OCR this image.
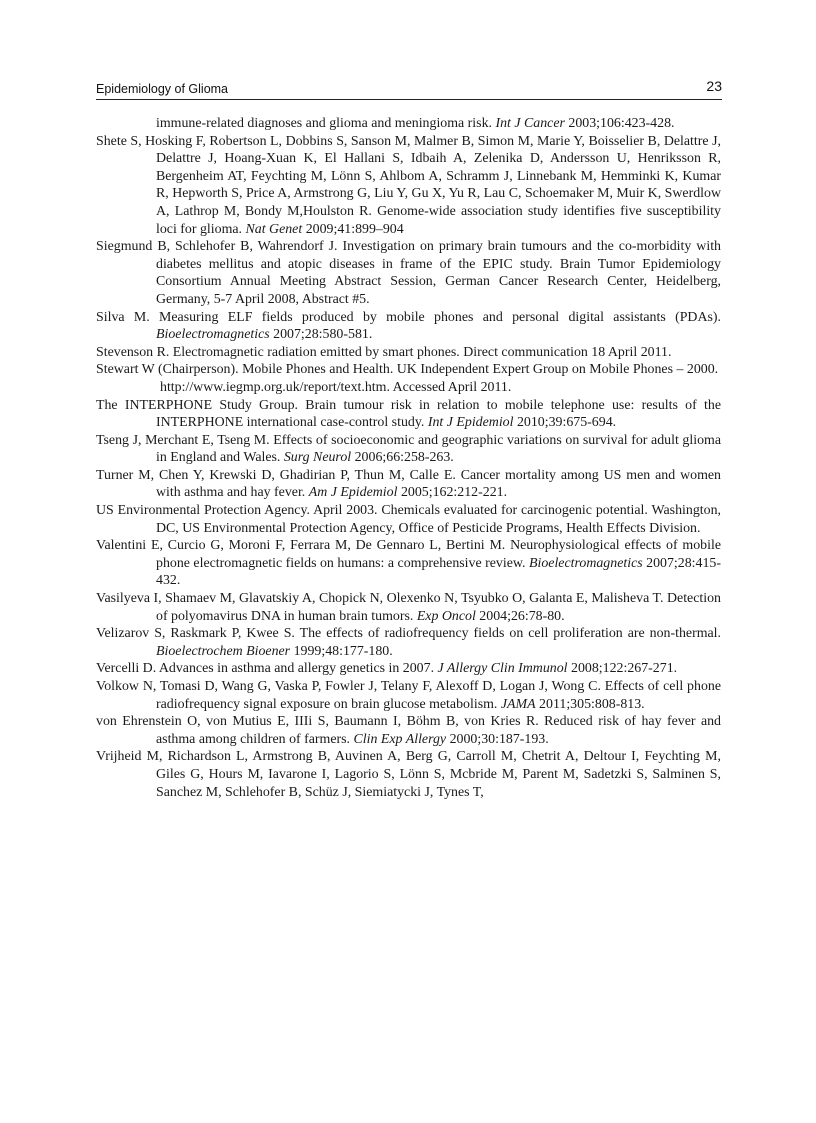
Epidemiology of Glioma	23

immune-related diagnoses and glioma and meningioma risk. Int J Cancer 2003;106:423-428.

Shete S, Hosking F, Robertson L, Dobbins S, Sanson M, Malmer B, Simon M, Marie Y, Boisselier B, Delattre J, Delattre J, Hoang-Xuan K, El Hallani S, Idbaih A, Zelenika D, Andersson U, Henriksson R, Bergenheim AT, Feychting M, Lönn S, Ahlbom A, Schramm J, Linnebank M, Hemminki K, Kumar R, Hepworth S, Price A, Armstrong G, Liu Y, Gu X, Yu R, Lau C, Schoemaker M, Muir K, Swerdlow A, Lathrop M, Bondy M,Houlston R. Genome-wide association study identifies five susceptibility loci for glioma. Nat Genet 2009;41:899–904

Siegmund B, Schlehofer B, Wahrendorf J. Investigation on primary brain tumours and the co-morbidity with diabetes mellitus and atopic diseases in frame of the EPIC study. Brain Tumor Epidemiology Consortium Annual Meeting Abstract Session, German Cancer Research Center, Heidelberg, Germany, 5-7 April 2008, Abstract #5.

Silva M. Measuring ELF fields produced by mobile phones and personal digital assistants (PDAs). Bioelectromagnetics 2007;28:580-581.

Stevenson R. Electromagnetic radiation emitted by smart phones. Direct communication 18 April 2011.

Stewart W (Chairperson). Mobile Phones and Health. UK Independent Expert Group on Mobile Phones – 2000.

http://www.iegmp.org.uk/report/text.htm. Accessed April 2011.

The INTERPHONE Study Group. Brain tumour risk in relation to mobile telephone use: results of the INTERPHONE international case-control study. Int J Epidemiol 2010;39:675-694.

Tseng J, Merchant E, Tseng M. Effects of socioeconomic and geographic variations on survival for adult glioma in England and Wales. Surg Neurol 2006;66:258-263.

Turner M, Chen Y, Krewski D, Ghadirian P, Thun M, Calle E. Cancer mortality among US men and women with asthma and hay fever. Am J Epidemiol 2005;162:212-221.

US Environmental Protection Agency. April 2003. Chemicals evaluated for carcinogenic potential. Washington, DC, US Environmental Protection Agency, Office of Pesticide Programs, Health Effects Division.

Valentini E, Curcio G, Moroni F, Ferrara M, De Gennaro L, Bertini M. Neurophysiological effects of mobile phone electromagnetic fields on humans: a comprehensive review. Bioelectromagnetics 2007;28:415-432.

Vasilyeva I, Shamaev M, Glavatskiy A, Chopick N, Olexenko N, Tsyubko O, Galanta E, Malisheva T. Detection of polyomavirus DNA in human brain tumors. Exp Oncol 2004;26:78-80.

Velizarov S, Raskmark P, Kwee S. The effects of radiofrequency fields on cell proliferation are non-thermal. Bioelectrochem Bioener 1999;48:177-180.

Vercelli D. Advances in asthma and allergy genetics in 2007. J Allergy Clin Immunol 2008;122:267-271.

Volkow N, Tomasi D, Wang G, Vaska P, Fowler J, Telany F, Alexoff D, Logan J, Wong C. Effects of cell phone radiofrequency signal exposure on brain glucose metabolism. JAMA 2011;305:808-813.

von Ehrenstein O, von Mutius E, IIIi S, Baumann I, Böhm B, von Kries R. Reduced risk of hay fever and asthma among children of farmers. Clin Exp Allergy 2000;30:187-193.

Vrijheid M, Richardson L, Armstrong B, Auvinen A, Berg G, Carroll M, Chetrit A, Deltour I, Feychting M, Giles G, Hours M, Iavarone I, Lagorio S, Lönn S, Mcbride M, Parent M, Sadetzki S, Salminen S, Sanchez M, Schlehofer B, Schüz J, Siemiatycki J, Tynes T,
